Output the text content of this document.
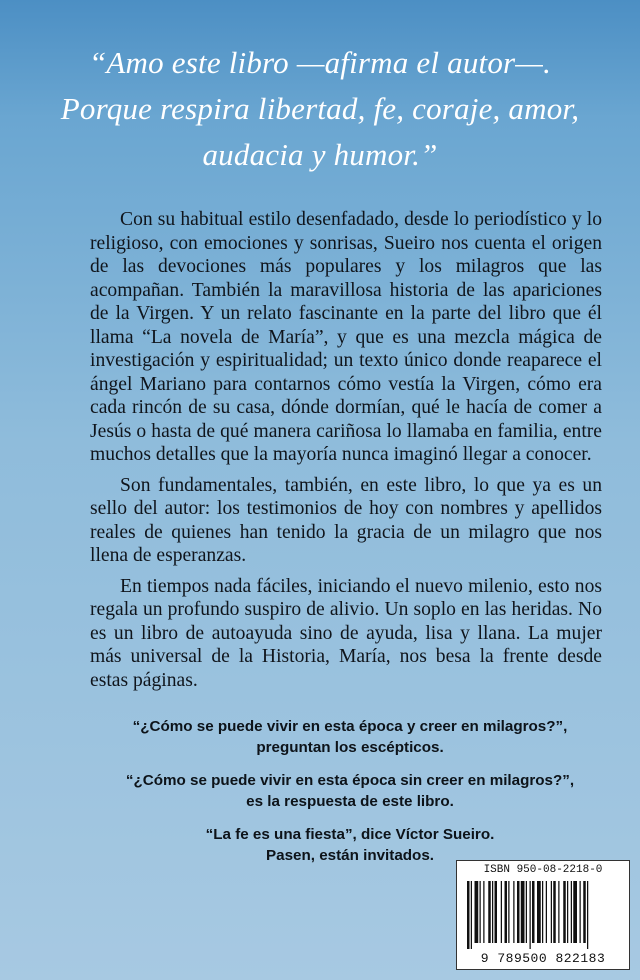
“Amo este libro —afirma el autor—.
Porque respira libertad, fe, coraje, amor,
audacia y humor.”

Con su habitual estilo desenfadado, desde lo periodístico y lo religioso, con emociones y sonrisas, Sueiro nos cuenta el origen de las devociones más populares y los milagros que las acompañan. También la maravillosa historia de las apariciones de la Virgen. Y un relato fascinante en la parte del libro que él llama “La novela de María”, y que es una mezcla mágica de investigación y espiritualidad; un texto único donde reaparece el ángel Mariano para contarnos cómo vestía la Virgen, cómo era cada rincón de su casa, dónde dormían, qué le hacía de comer a Jesús o hasta de qué manera cariñosa lo llamaba en familia, entre muchos detalles que la mayoría nunca imaginó llegar a conocer.

Son fundamentales, también, en este libro, lo que ya es un sello del autor: los testimonios de hoy con nombres y apellidos reales de quienes han tenido la gracia de un milagro que nos llena de esperanzas.

En tiempos nada fáciles, iniciando el nuevo milenio, esto nos regala un profundo suspiro de alivio. Un soplo en las heridas. No es un libro de autoayuda sino de ayuda, lisa y llana. La mujer más universal de la Historia, María, nos besa la frente desde estas páginas.

“¿Cómo se puede vivir en esta época y creer en milagros?”,
preguntan los escépticos.

“¿Cómo se puede vivir en esta época sin creer en milagros?”,
es la respuesta de este libro.

“La fe es una fiesta”, dice Víctor Sueiro.
Pasen, están invitados.

ISBN 950-08-2218-0
9 789500 822183
